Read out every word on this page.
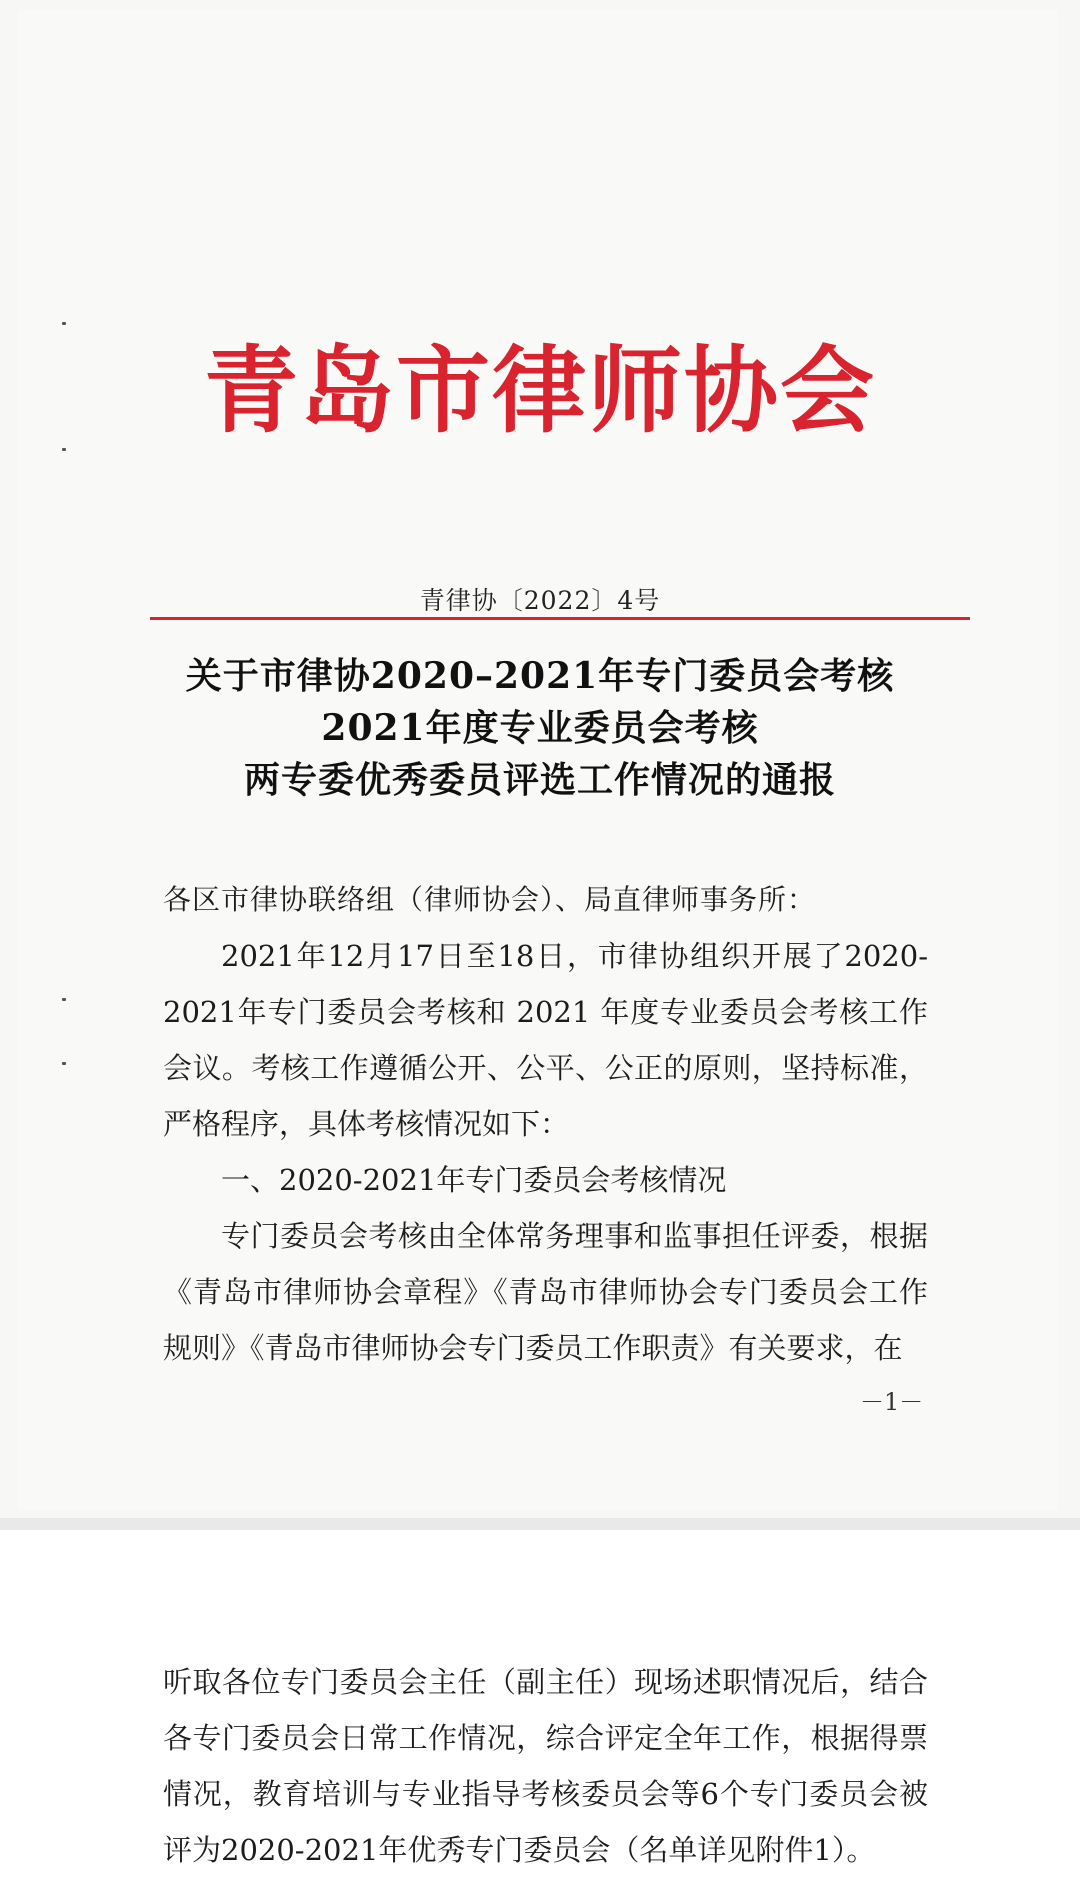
青岛市律师协会
青律协〔2022〕4号
关于市律协2020–2021年专门委员会考核
2021年度专业委员会考核
两专委优秀委员评选工作情况的通报
各区市律协联络组（律师协会）、局直律师事务所：

2021年12月17日至18日，市律协组织开展了2020-2021年专门委员会考核和 2021 年度专业委员会考核工作会议。考核工作遵循公开、公平、公正的原则，坚持标准，严格程序，具体考核情况如下：

一、2020-2021年专门委员会考核情况

专门委员会考核由全体常务理事和监事担任评委，根据《青岛市律师协会章程》《青岛市律师协会专门委员会工作规则》《青岛市律师协会专门委员工作职责》有关要求，在

－1－

听取各位专门委员会主任（副主任）现场述职情况后，结合各专门委员会日常工作情况，综合评定全年工作，根据得票情况，教育培训与专业指导考核委员会等6个专门委员会被评为2020-2021年优秀专门委员会（名单详见附件1）。
